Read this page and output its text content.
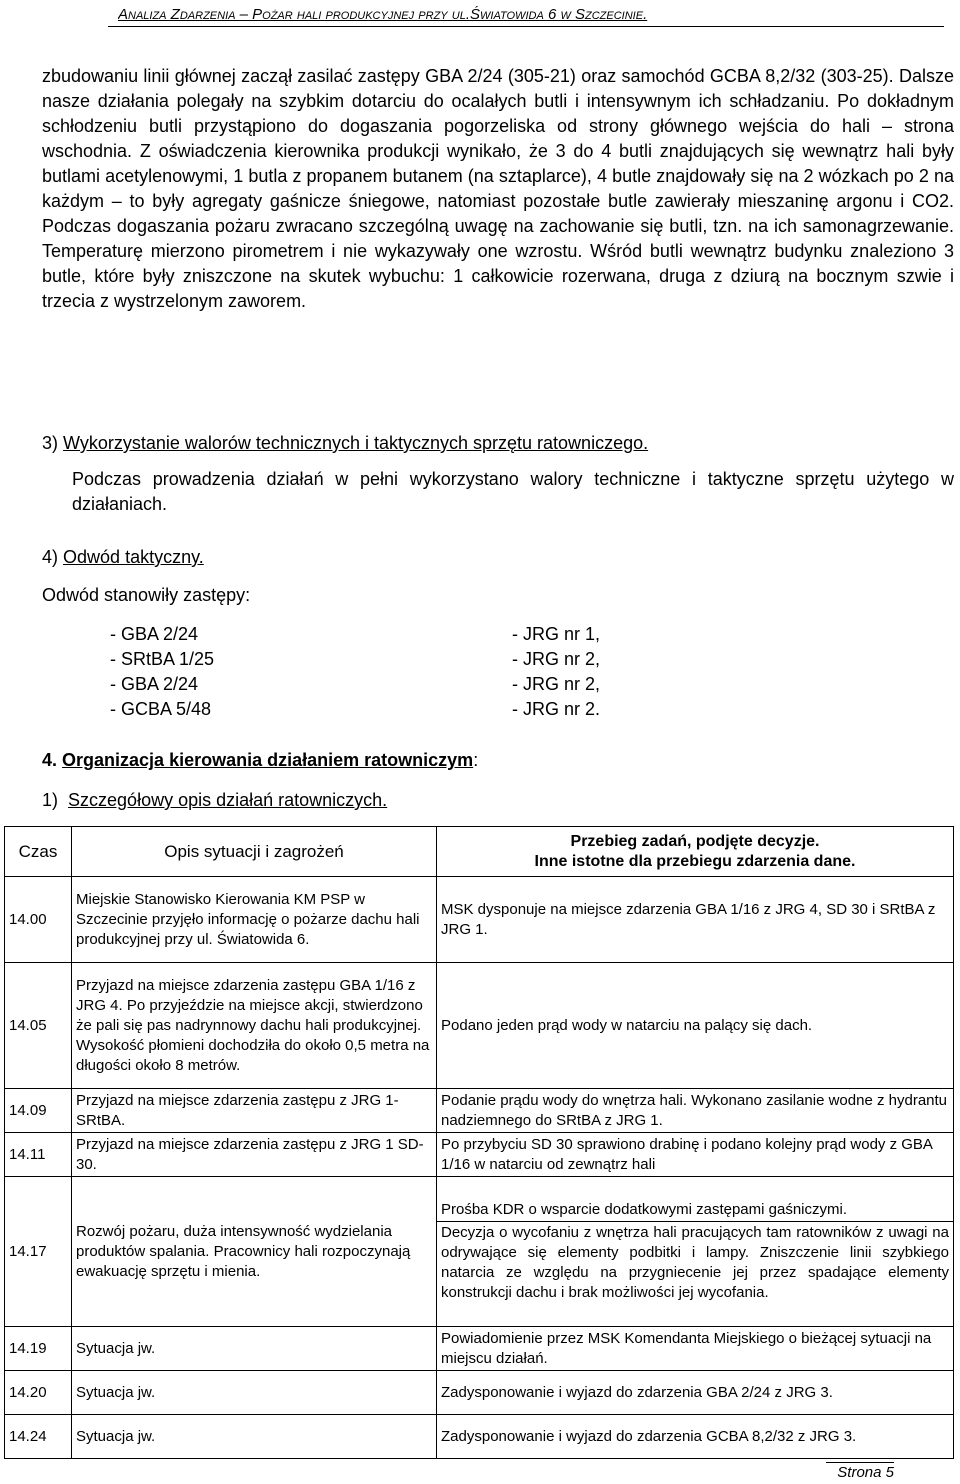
Analiza Zdarzenia – Pożar hali produkcyjnej przy ul.Światowida 6 w Szczecinie.
zbudowaniu linii głównej zaczął zasilać zastępy GBA 2/24 (305-21) oraz samochód GCBA 8,2/32 (303-25). Dalsze nasze działania polegały na szybkim dotarciu do ocalałych butli i intensywnym ich schładzaniu. Po dokładnym schłodzeniu butli przystąpiono do dogaszania pogorzeliska od strony głównego wejścia do hali – strona wschodnia. Z oświadczenia kierownika produkcji wynikało, że 3 do 4 butli znajdujących się wewnątrz hali były butlami acetylenowymi, 1 butla z propanem butanem (na sztaplarce), 4 butle znajdowały się na 2 wózkach po 2 na każdym – to były agregaty gaśnicze śniegowe, natomiast pozostałe butle zawierały mieszaninę argonu i CO2. Podczas dogaszania pożaru zwracano szczególną uwagę na zachowanie się butli, tzn. na ich samonagrzewanie. Temperaturę mierzono pirometrem i nie wykazywały one wzrostu. Wśród butli wewnątrz budynku znaleziono 3 butle, które były zniszczone na skutek wybuchu: 1 całkowicie rozerwana, druga z dziurą na bocznym szwie i trzecia z wystrzelonym zaworem.
3) Wykorzystanie walorów technicznych i taktycznych sprzętu ratowniczego.
Podczas prowadzenia działań w pełni wykorzystano walory techniczne i taktyczne sprzętu użytego w działaniach.
4) Odwód taktyczny.
Odwód stanowiły zastępy:
- GBA 2/24	- JRG nr 1,
- SRtBA 1/25	- JRG nr 2,
- GBA 2/24	- JRG nr 2,
- GCBA 5/48	- JRG nr 2.
4. Organizacja kierowania działaniem ratowniczym:
1) Szczegółowy opis działań ratowniczych.
Czas	Opis sytuacji i zagrożeń	Przebieg zadań, podjęte decyzje.
Inne istotne dla przebiegu zdarzenia dane.

14.00	Miejskie Stanowisko Kierowania KM PSP w Szczecinie przyjęło informację o pożarze dachu hali produkcyjnej przy ul. Światowida 6.	MSK dysponuje na miejsce zdarzenia GBA 1/16 z JRG 4, SD 30 i SRtBA z JRG 1.
14.05	Przyjazd na miejsce zdarzenia zastępu GBA 1/16 z JRG 4. Po przyjeździe na miejsce akcji, stwierdzono że pali się pas nadrynnowy dachu hali produkcyjnej. Wysokość płomieni dochodziła do około 0,5 metra na długości około 8 metrów.	Podano jeden prąd wody w natarciu na palący się dach.
14.09	Przyjazd na miejsce zdarzenia zastępu z JRG 1- SRtBA.	Podanie prądu wody do wnętrza hali. Wykonano zasilanie wodne z hydrantu nadziemnego do SRtBA z JRG 1.
14.11	Przyjazd na miejsce zdarzenia zastępu z JRG 1 SD-30.	Po przybyciu SD 30 sprawiono drabinę i podano kolejny prąd wody z GBA 1/16 w natarciu od zewnątrz hali
14.17	Rozwój pożaru, duża intensywność wydzielania produktów spalania. Pracownicy hali rozpoczynają ewakuację sprzętu i mienia.	Prośba KDR o wsparcie dodatkowymi zastępami gaśniczymi.
Decyzja o wycofaniu z wnętrza hali pracujących tam ratowników z uwagi na odrywające się elementy podbitki i lampy. Zniszczenie linii szybkiego natarcia ze względu na przygniecenie jej przez spadające elementy konstrukcji dachu i brak możliwości jej wycofania.

14.19	Sytuacja jw.	Powiadomienie przez MSK Komendanta Miejskiego o bieżącej sytuacji na miejscu działań.
14.20	Sytuacja jw.	Zadysponowanie i wyjazd do zdarzenia GBA 2/24 z JRG 3.
14.24	Sytuacja jw.	Zadysponowanie i wyjazd do zdarzenia GCBA 8,2/32 z JRG 3.
Strona 5
